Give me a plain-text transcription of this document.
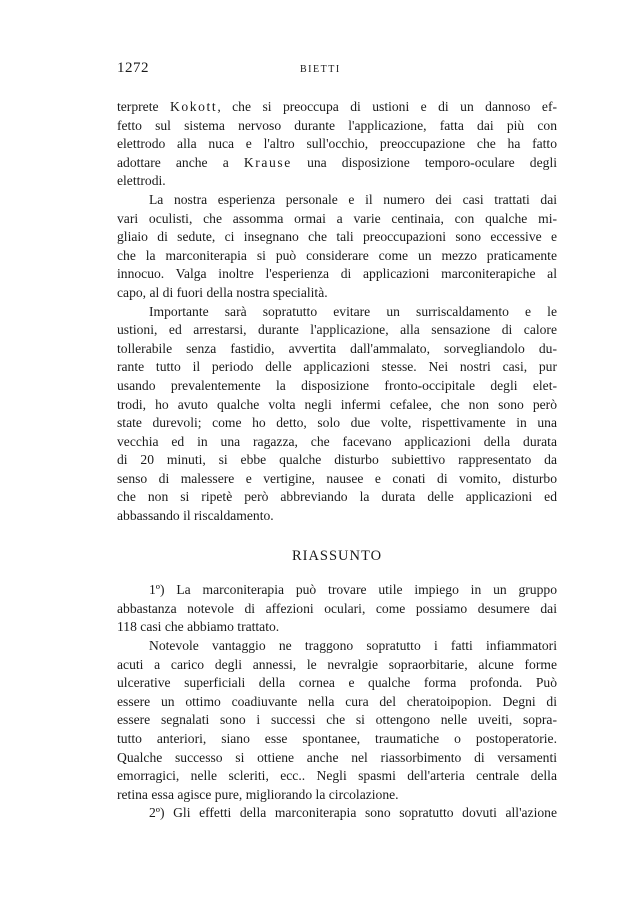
1272	BIETTI
terprete Kokott, che si preoccupa di ustioni e di un dannoso ef-
fetto sul sistema nervoso durante l'applicazione, fatta dai più con
elettrodo alla nuca e l'altro sull'occhio, preoccupazione che ha fatto
adottare anche a Krause una disposizione temporo-oculare degli
elettrodi.
La nostra esperienza personale e il numero dei casi trattati dai
vari oculisti, che assomma ormai a varie centinaia, con qualche mi-
gliaio di sedute, ci insegnano che tali preoccupazioni sono eccessive e
che la marconiterapia si può considerare come un mezzo praticamente
innocuo. Valga inoltre l'esperienza di applicazioni marconiterapiche al
capo, al di fuori della nostra specialità.
Importante sarà sopratutto evitare un surriscaldamento e le
ustioni, ed arrestarsi, durante l'applicazione, alla sensazione di calore
tollerabile senza fastidio, avvertita dall'ammalato, sorvegliandolo du-
rante tutto il periodo delle applicazioni stesse. Nei nostri casi, pur
usando prevalentemente la disposizione fronto-occipitale degli elet-
trodi, ho avuto qualche volta negli infermi cefalee, che non sono però
state durevoli; come ho detto, solo due volte, rispettivamente in una
vecchia ed in una ragazza, che facevano applicazioni della durata
di 20 minuti, si ebbe qualche disturbo subiettivo rappresentato da
senso di malessere e vertigine, nausee e conati di vomito, disturbo
che non si ripetè però abbreviando la durata delle applicazioni ed
abbassando il riscaldamento.
RIASSUNTO
1º) La marconiterapia può trovare utile impiego in un gruppo
abbastanza notevole di affezioni oculari, come possiamo desumere dai
118 casi che abbiamo trattato.
Notevole vantaggio ne traggono sopratutto i fatti infiammatori
acuti a carico degli annessi, le nevralgie sopraorbitarie, alcune forme
ulcerative superficiali della cornea e qualche forma profonda. Può
essere un ottimo coadiuvante nella cura del cheratoipopion. Degni di
essere segnalati sono i successi che si ottengono nelle uveiti, sopra-
tutto anteriori, siano esse spontanee, traumatiche o postoperatorie.
Qualche successo si ottiene anche nel riassorbimento di versamenti
emorragici, nelle scleriti, ecc.. Negli spasmi dell'arteria centrale della
retina essa agisce pure, migliorando la circolazione.
2º) Gli effetti della marconiterapia sono sopratutto dovuti all'azione
